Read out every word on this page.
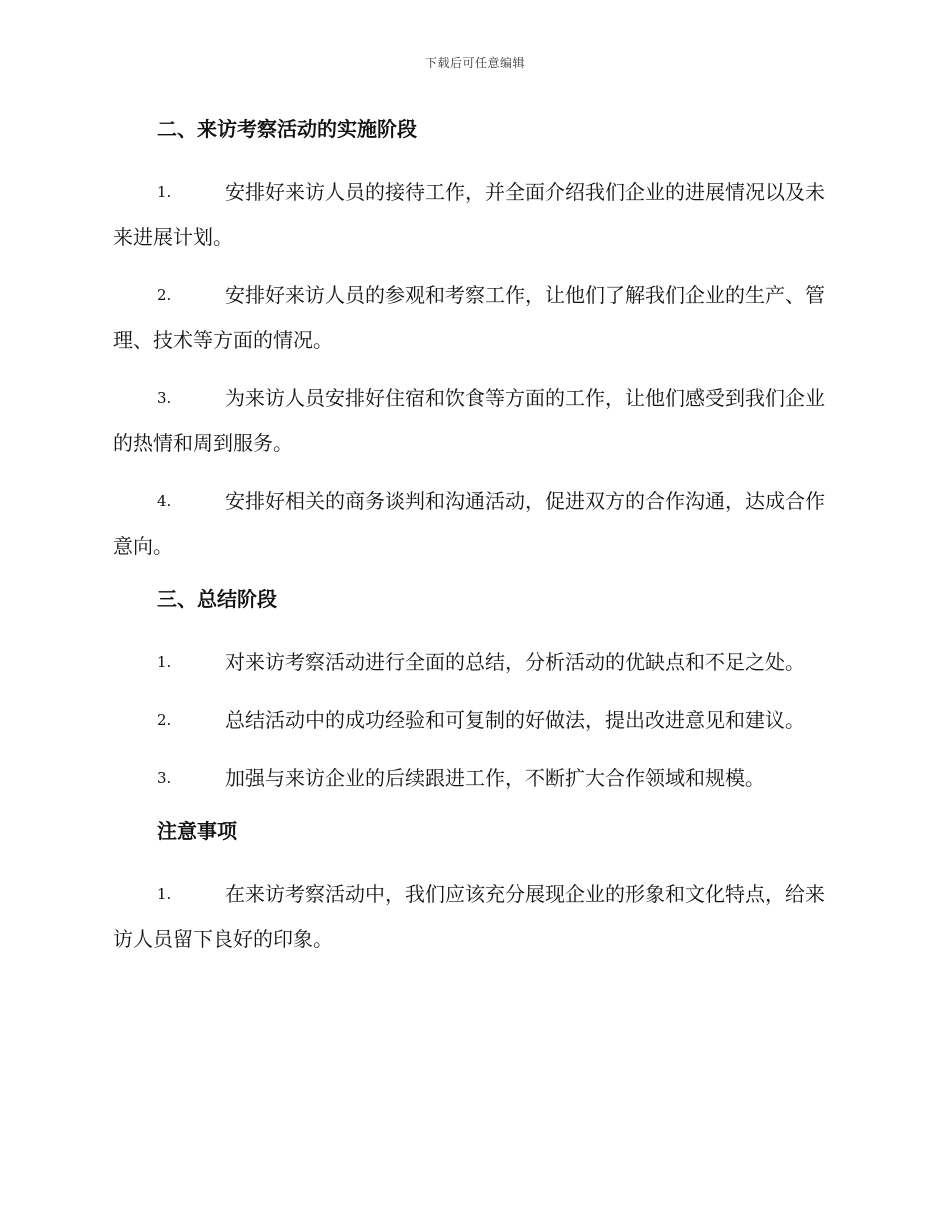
下载后可任意编辑
二、来访考察活动的实施阶段
1.	安排好来访人员的接待工作，并全面介绍我们企业的进展情况以及未来进展计划。
2.	安排好来访人员的参观和考察工作，让他们了解我们企业的生产、管理、技术等方面的情况。
3.	为来访人员安排好住宿和饮食等方面的工作，让他们感受到我们企业的热情和周到服务。
4.	安排好相关的商务谈判和沟通活动，促进双方的合作沟通，达成合作意向。
三、总结阶段
1.	对来访考察活动进行全面的总结，分析活动的优缺点和不足之处。
2.	总结活动中的成功经验和可复制的好做法，提出改进意见和建议。
3.	加强与来访企业的后续跟进工作，不断扩大合作领域和规模。
注意事项
1.	在来访考察活动中，我们应该充分展现企业的形象和文化特点，给来访人员留下良好的印象。
